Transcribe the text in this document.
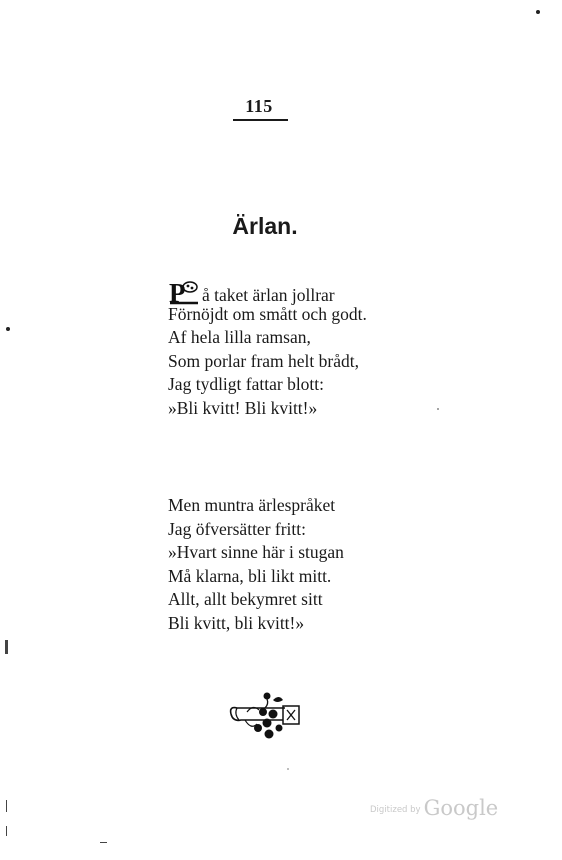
115
Ärlan.
P å taket ärlan jollrar
Förnöjdt om smått och godt.
Af hela lilla ramsan,
Som porlar fram helt brådt,
Jag tydligt fattar blott:
»Bli kvitt! Bli kvitt!»
Men muntra ärlespråket
Jag öfversätter fritt:
»Hvart sinne här i stugan
Må klarna, bli likt mitt.
Allt, allt bekymret sitt
Bli kvitt, bli kvitt!»
Digitized by Google
